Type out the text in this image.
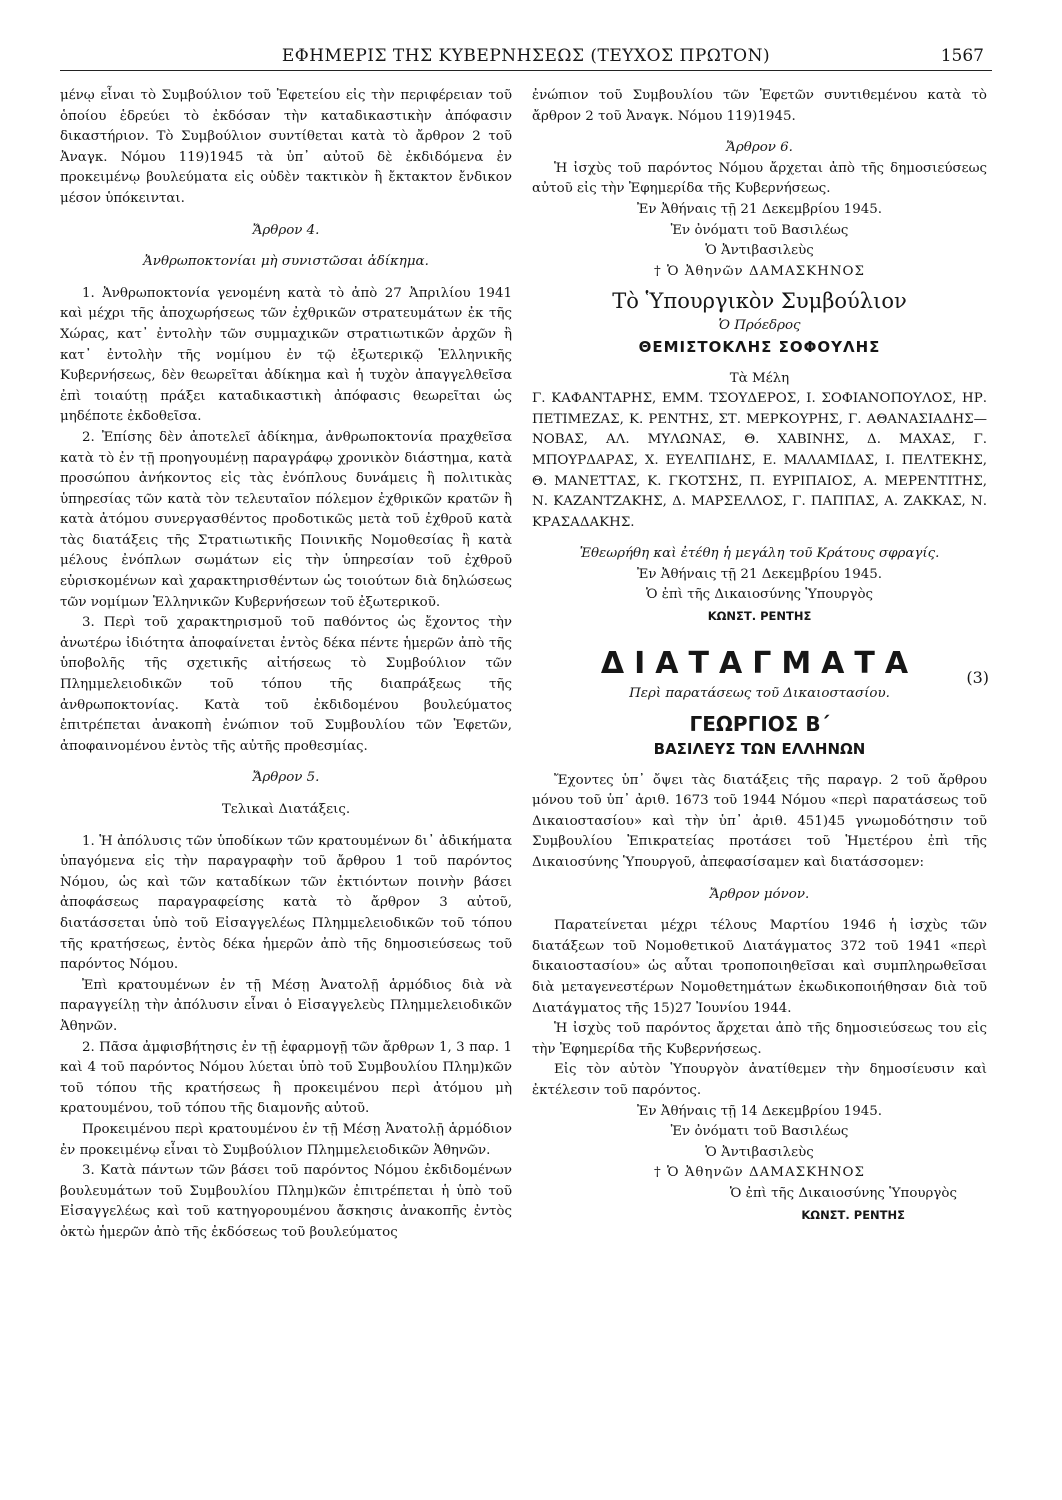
ΕΦΗΜΕΡΙΣ ΤΗΣ ΚΥΒΕΡΝΗΣΕΩΣ (ΤΕΥΧΟΣ ΠΡΩΤΟΝ)	1567

μένῳ εἶναι τὸ Συμβούλιον τοῦ Ἐφετείου εἰς τὴν περιφέρειαν τοῦ ὁποίου ἑδρεύει τὸ ἐκδόσαν τὴν καταδικαστικὴν ἀπόφασιν δικαστήριον. Τὸ Συμβούλιον συντίθεται κατὰ τὸ ἄρθρον 2 τοῦ Ἀναγκ. Νόμου 119)1945 τὰ ὑπ᾽ αὐτοῦ δὲ ἐκδιδόμενα ἐν προκειμένῳ βουλεύματα εἰς οὐδὲν τακτικὸν ἢ ἔκτακτον ἔνδικον μέσον ὑπόκεινται.

Ἄρθρον 4.

Ἀνθρωποκτονίαι μὴ συνιστῶσαι ἀδίκημα.

1. Ἀνθρωποκτονία γενομένη κατὰ τὸ ἀπὸ 27 Ἀπριλίου 1941 καὶ μέχρι τῆς ἀποχωρήσεως τῶν ἐχθρικῶν στρατευμάτων ἐκ τῆς Χώρας, κατ᾽ ἐντολὴν τῶν συμμαχικῶν στρατιωτικῶν ἀρχῶν ἢ κατ᾽ ἐντολὴν τῆς νομίμου ἐν τῷ ἐξωτερικῷ Ἑλληνικῆς Κυβερνήσεως, δὲν θεωρεῖται ἀδίκημα καὶ ἡ τυχὸν ἀπαγγελθεῖσα ἐπὶ τοιαύτῃ πράξει καταδικαστικὴ ἀπόφασις θεωρεῖται ὡς μηδέποτε ἐκδοθεῖσα.

2. Ἐπίσης δὲν ἀποτελεῖ ἀδίκημα, ἀνθρωποκτονία πραχθεῖσα κατὰ τὸ ἐν τῇ προηγουμένῃ παραγράφῳ χρονικὸν διάστημα, κατὰ προσώπου ἀνήκοντος εἰς τὰς ἐνόπλους δυνάμεις ἢ πολιτικὰς ὑπηρεσίας τῶν κατὰ τὸν τελευταῖον πόλεμον ἐχθρικῶν κρατῶν ἢ κατὰ ἀτόμου συνεργασθέντος προδοτικῶς μετὰ τοῦ ἐχθροῦ κατὰ τὰς διατάξεις τῆς Στρατιωτικῆς Ποινικῆς Νομοθεσίας ἢ κατὰ μέλους ἐνόπλων σωμάτων εἰς τὴν ὑπηρεσίαν τοῦ ἐχθροῦ εὑρισκομένων καὶ χαρακτηρισθέντων ὡς τοιούτων διὰ δηλώσεως τῶν νομίμων Ἑλληνικῶν Κυβερνήσεων τοῦ ἐξωτερικοῦ.

3. Περὶ τοῦ χαρακτηρισμοῦ τοῦ παθόντος ὡς ἔχοντος τὴν ἀνωτέρω ἰδιότητα ἀποφαίνεται ἐντὸς δέκα πέντε ἡμερῶν ἀπὸ τῆς ὑποβολῆς τῆς σχετικῆς αἰτήσεως τὸ Συμβούλιον τῶν Πλημμελειοδικῶν τοῦ τόπου τῆς διαπράξεως τῆς ἀνθρωποκτονίας. Κατὰ τοῦ ἐκδιδομένου βουλεύματος ἐπιτρέπεται ἀνακοπὴ ἐνώπιον τοῦ Συμβουλίου τῶν Ἐφετῶν, ἀποφαινομένου ἐντὸς τῆς αὐτῆς προθεσμίας.

Ἄρθρον 5.

Τελικαὶ Διατάξεις.

1. Ἡ ἀπόλυσις τῶν ὑποδίκων τῶν κρατουμένων δι᾽ ἀδικήματα ὑπαγόμενα εἰς τὴν παραγραφὴν τοῦ ἄρθρου 1 τοῦ παρόντος Νόμου, ὡς καὶ τῶν καταδίκων τῶν ἐκτιόντων ποινὴν βάσει ἀποφάσεως παραγραφείσης κατὰ τὸ ἄρθρον 3 αὐτοῦ, διατάσσεται ὑπὸ τοῦ Εἰσαγγελέως Πλημμελειοδικῶν τοῦ τόπου τῆς κρατήσεως, ἐντὸς δέκα ἡμερῶν ἀπὸ τῆς δημοσιεύσεως τοῦ παρόντος Νόμου.

Ἐπὶ κρατουμένων ἐν τῇ Μέσῃ Ἀνατολῇ ἁρμόδιος διὰ νὰ παραγγείλῃ τὴν ἀπόλυσιν εἶναι ὁ Εἰσαγγελεὺς Πλημμελειοδικῶν Ἀθηνῶν.

2. Πᾶσα ἀμφισβήτησις ἐν τῇ ἐφαρμογῇ τῶν ἄρθρων 1, 3 παρ. 1 καὶ 4 τοῦ παρόντος Νόμου λύεται ὑπὸ τοῦ Συμβουλίου Πλημ)κῶν τοῦ τόπου τῆς κρατήσεως ἢ προκειμένου περὶ ἀτόμου μὴ κρατουμένου, τοῦ τόπου τῆς διαμονῆς αὐτοῦ.

Προκειμένου περὶ κρατουμένου ἐν τῇ Μέσῃ Ἀνατολῇ ἁρμόδιον ἐν προκειμένῳ εἶναι τὸ Συμβούλιον Πλημμελειοδικῶν Ἀθηνῶν.

3. Κατὰ πάντων τῶν βάσει τοῦ παρόντος Νόμου ἐκδιδομένων βουλευμάτων τοῦ Συμβουλίου Πλημ)κῶν ἐπιτρέπεται ἡ ὑπὸ τοῦ Εἰσαγγελέως καὶ τοῦ κατηγορουμένου ἄσκησις ἀνακοπῆς ἐντὸς ὀκτὼ ἡμερῶν ἀπὸ τῆς ἐκδόσεως τοῦ βουλεύματος

ἐνώπιον τοῦ Συμβουλίου τῶν Ἐφετῶν συντιθεμένου κατὰ τὸ ἄρθρον 2 τοῦ Ἀναγκ. Νόμου 119)1945.

Ἄρθρον 6.

Ἡ ἰσχὺς τοῦ παρόντος Νόμου ἄρχεται ἀπὸ τῆς δημοσιεύσεως αὐτοῦ εἰς τὴν Ἐφημερίδα τῆς Κυβερνήσεως.

Ἐν Ἀθήναις τῇ 21 Δεκεμβρίου 1945.

Ἐν ὀνόματι τοῦ Βασιλέως

Ὁ Ἀντιβασιλεὺς

† Ὁ Ἀθηνῶν ΔΑΜΑΣΚΗΝΟΣ

Τὸ Ὑπουργικὸν Συμβούλιον

Ὁ Πρόεδρος

ΘΕΜΙΣΤΟΚΛΗΣ ΣΟΦΟΥΛΗΣ

Τὰ Μέλη

Γ. ΚΑΦΑΝΤΑΡΗΣ, ΕΜΜ. ΤΣΟΥΔΕΡΟΣ, Ι. ΣΟΦΙΑΝΟΠΟΥΛΟΣ, ΗΡ. ΠΕΤΙΜΕΖΑΣ, Κ. ΡΕΝΤΗΣ, ΣΤ. ΜΕΡΚΟΥΡΗΣ, Γ. ΑΘΑΝΑΣΙΑΔΗΣ—ΝΟΒΑΣ, ΑΛ. ΜΥΛΩΝΑΣ, Θ. ΧΑΒΙΝΗΣ, Δ. ΜΑΧΑΣ, Γ. ΜΠΟΥΡΔΑΡΑΣ, Χ. ΕΥΕΛΠΙΔΗΣ, Ε. ΜΑΛΑΜΙΔΑΣ, Ι. ΠΕΛΤΕΚΗΣ, Θ. ΜΑΝΕΤΤΑΣ, Κ. ΓΚΟΤΣΗΣ, Π. ΕΥΡΙΠΑΙΟΣ, Α. ΜΕΡΕΝΤΙΤΗΣ, Ν. ΚΑΖΑΝΤΖΑΚΗΣ, Δ. ΜΑΡΣΕΛΛΟΣ, Γ. ΠΑΠΠΑΣ, Α. ΖΑΚΚΑΣ, Ν. ΚΡΑΣΑΔΑΚΗΣ.

Ἐθεωρήθη καὶ ἐτέθη ἡ μεγάλη τοῦ Κράτους σφραγίς.

Ἐν Ἀθήναις τῇ 21 Δεκεμβρίου 1945.

Ὁ ἐπὶ τῆς Δικαιοσύνης Ὑπουργὸς

ΚΩΝΣΤ. ΡΕΝΤΗΣ

ΔΙΑΤΑΓΜΑΤΑ

Περὶ παρατάσεως τοῦ Δικαιοστασίου.

(3)

ΓΕΩΡΓΙΟΣ Β΄

ΒΑΣΙΛΕΥΣ ΤΩΝ ΕΛΛΗΝΩΝ

Ἔχοντες ὑπ᾽ ὄψει τὰς διατάξεις τῆς παραγρ. 2 τοῦ ἄρθρου μόνου τοῦ ὑπ᾽ ἀριθ. 1673 τοῦ 1944 Νόμου «περὶ παρατάσεως τοῦ Δικαιοστασίου» καὶ τὴν ὑπ᾽ ἀριθ. 451)45 γνωμοδότησιν τοῦ Συμβουλίου Ἐπικρατείας προτάσει τοῦ Ἡμετέρου ἐπὶ τῆς Δικαιοσύνης Ὑπουργοῦ, ἀπεφασίσαμεν καὶ διατάσσομεν:

Ἄρθρον μόνον.

Παρατείνεται μέχρι τέλους Μαρτίου 1946 ἡ ἰσχὺς τῶν διατάξεων τοῦ Νομοθετικοῦ Διατάγματος 372 τοῦ 1941 «περὶ δικαιοστασίου» ὡς αὗται τροποποιηθεῖσαι καὶ συμπληρωθεῖσαι διὰ μεταγενεστέρων Νομοθετημάτων ἐκωδικοποιήθησαν διὰ τοῦ Διατάγματος τῆς 15)27 Ἰουνίου 1944.

Ἡ ἰσχὺς τοῦ παρόντος ἄρχεται ἀπὸ τῆς δημοσιεύσεως του εἰς τὴν Ἐφημερίδα τῆς Κυβερνήσεως.

Εἰς τὸν αὐτὸν Ὑπουργὸν ἀνατίθεμεν τὴν δημοσίευσιν καὶ ἐκτέλεσιν τοῦ παρόντος.

Ἐν Ἀθήναις τῇ 14 Δεκεμβρίου 1945.

Ἐν ὀνόματι τοῦ Βασιλέως

Ὁ Ἀντιβασιλεὺς

† Ὁ Ἀθηνῶν ΔΑΜΑΣΚΗΝΟΣ

Ὁ ἐπὶ τῆς Δικαιοσύνης Ὑπουργὸς

ΚΩΝΣΤ. ΡΕΝΤΗΣ
